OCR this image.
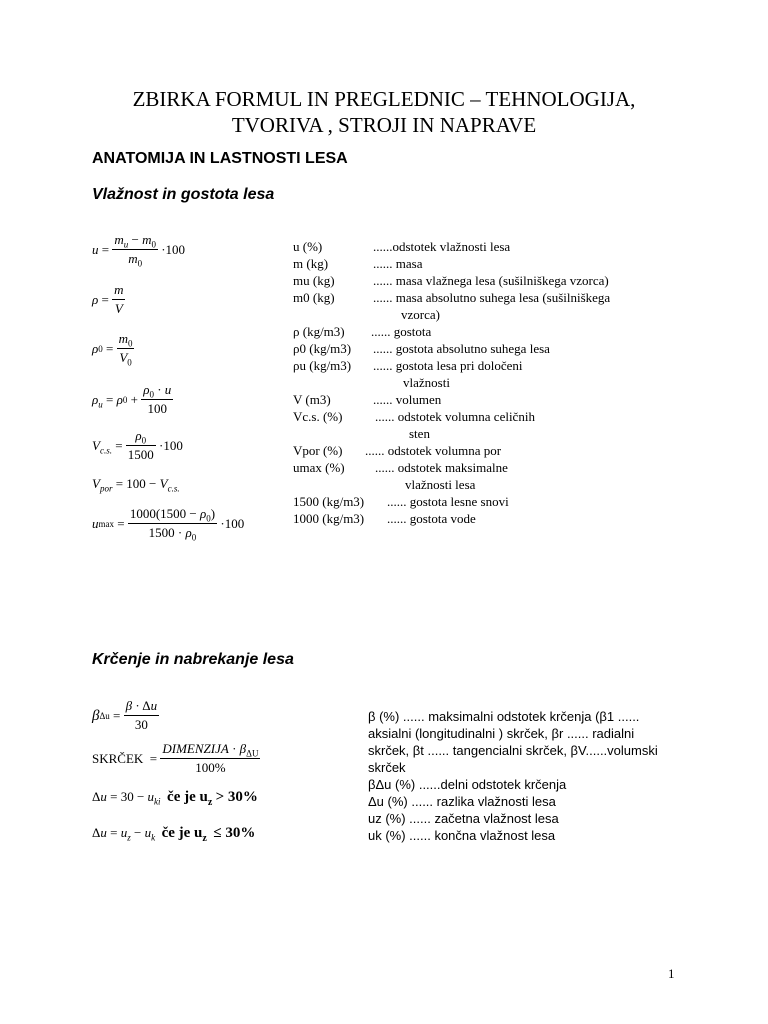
ZBIRKA FORMUL IN PREGLEDNIC – TEHNOLOGIJA,
TVORIVA , STROJI IN NAPRAVE
ANATOMIJA IN LASTNOSTI LESA
Vlažnost in gostota lesa
$u = \frac{m_u - m_0}{m_0} \cdot 100$
$\rho = \frac{m}{V}$
ρ $0 = \frac{m_0}{V_0}$
$\rho_u = \rho$ $0 + \frac{\rho_0 \cdot u}{100}$
$V_{c.s.} = \frac{\rho_0}{1500} \cdot 100$
$V_{por} = 100 - V_{c.s.}$
u $\max = \frac{1000(1500 - \rho_0)}{1500 \cdot \rho_0} \cdot 100$
u (%)	......odstotek vlažnosti lesa
m (kg)	...... masa
mu (kg)	...... masa vlažnega lesa (sušilniškega vzorca)
m0 (kg)	...... masa absolutno suhega lesa (sušilniškega
vzorca)
ρ (kg/m3)	...... gostota
ρ0 (kg/m3)	...... gostota absolutno suhega lesa
ρu (kg/m3)	...... gostota lesa pri določeni
vlažnosti
V (m3)	...... volumen
Vc.s. (%)	...... odstotek volumna celičnih
sten
Vpor (%)	...... odstotek volumna por
umax (%)	...... odstotek maksimalne
vlažnosti lesa
1500 (kg/m3)	...... gostota lesne snovi
1000 (kg/m3)	...... gostota vode
Krčenje in nabrekanje lesa
β $\Delta u = \frac{\beta \cdot \Delta u}{30}$
SKRČEK = $\frac{DIMENZIJA \cdot \beta_{\Delta U}}{100\%}$
Δ $u = 30 - u_{ki}$
če je u $_z$
> 30%
Δ $u = u_z - u_k$
če je u $_z$
≤ 30%
β (%) ...... maksimalni odstotek krčenja (β1 ......
aksialni (longitudinalni ) skrček, βr ...... radialni
skrček, βt ...... tangencialni skrček, βV......volumski
skrček
βΔu (%) ......delni odstotek krčenja
Δu (%) ...... razlika vlažnosti lesa
uz (%) ...... začetna vlažnost lesa
uk (%) ...... končna vlažnost lesa
1
